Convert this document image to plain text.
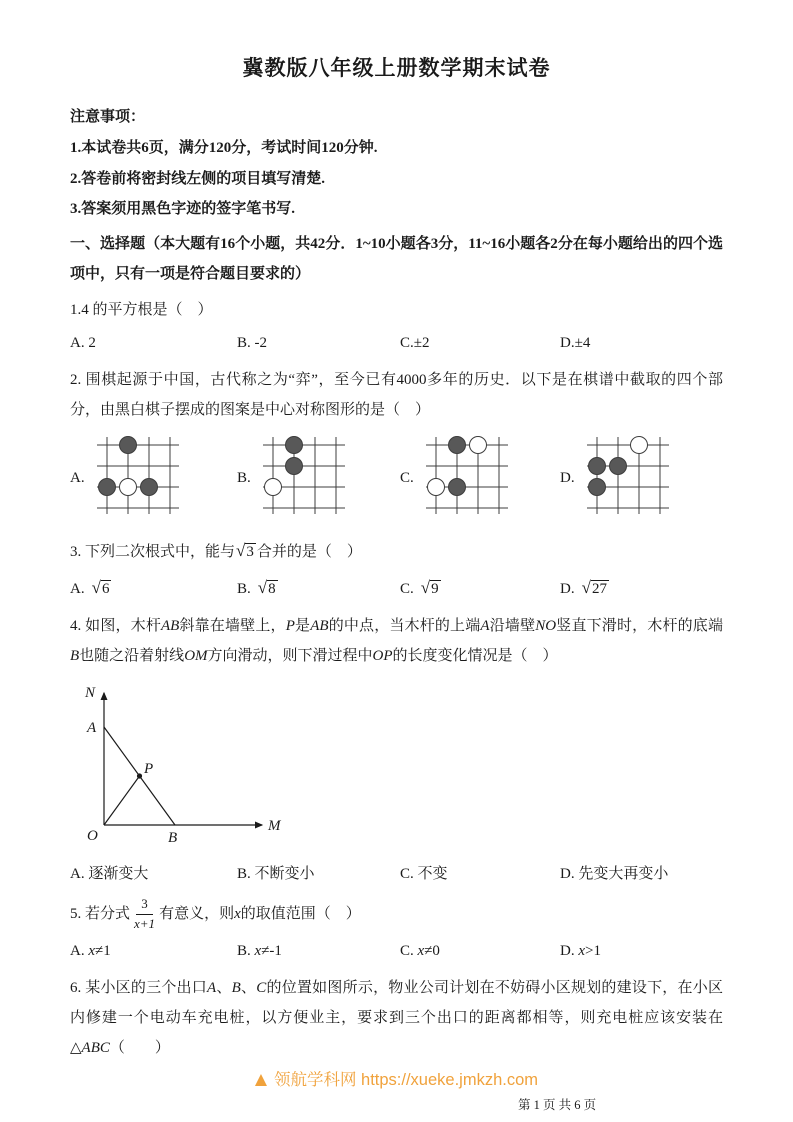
冀教版八年级上册数学期末试卷
注意事项：
1.本试卷共6页，满分120分，考试时间120分钟.
2.答卷前将密封线左侧的项目填写清楚.
3.答案须用黑色字迹的签字笔书写.
一、选择题（本大题有16个小题，共42分．1~10小题各3分，11~16小题各2分在每小题给出的四个选项中，只有一项是符合题目要求的）
1.4 的平方根是（　）
A. 2	B. -2	C.±2	D.±4
2. 围棋起源于中国，古代称之为“弈”，至今已有4000多年的历史．以下是在棋谱中截取的四个部分，由黑白棋子摆成的图案是中心对称图形的是（　）
A.	B.	C.	D.
3. 下列二次根式中，能与√3 合并的是（　）
A. √6	B. √8	C. √9	D. √27
4. 如图，木杆AB斜靠在墙壁上，P是AB的中点，当木杆的上端A沿墙壁NO竖直下滑时，木杆的底端B也随之沿着射线OM方向滑动，则下滑过程中OP的长度变化情况是（　）
N
A
P
O	B
M
A. 逐渐变大	B. 不断变小	C. 不变	D. 先变大再变小
5. 若分式 $\frac{3}{x+1}$ 有意义，则x的取值范围（　）
A. x≠1	B. x≠-1	C. x≠0	D. x>1
6. 某小区的三个出口A、B、C的位置如图所示，物业公司计划在不妨碍小区规划的建设下，在小区内修建一个电动车充电桩，以方便业主，要求到三个出口的距离都相等，则充电桩应该安装在△ABC（　　）
领航学科网 https://xueke.jmkzh.com
第 1 页 共 6 页
